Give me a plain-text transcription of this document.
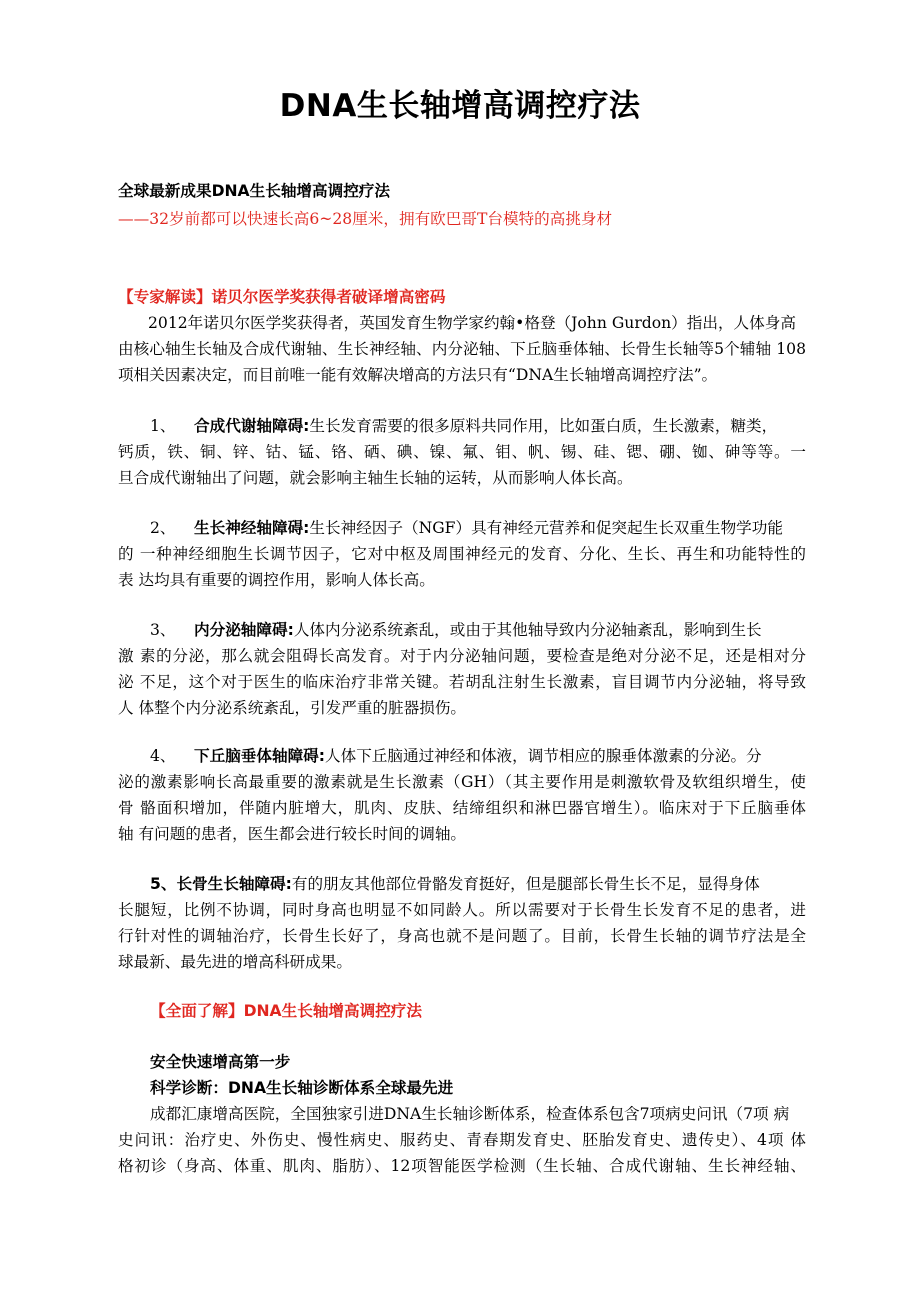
DNA生长轴增高调控疗法
全球最新成果DNA生长轴增高调控疗法
——32岁前都可以快速长高6~28厘米，拥有欧巴哥T台模特的高挑身材
【专家解读】诺贝尔医学奖获得者破译增高密码
2012年诺贝尔医学奖获得者，英国发育生物学家约翰•格登（John Gurdon）指出，人体身高
由核心轴生长轴及合成代谢轴、生长神经轴、内分泌轴、下丘脑垂体轴、长骨生长轴等5个辅轴 108
项相关因素决定，而目前唯一能有效解决增高的方法只有“DNA生长轴增高调控疗法”。
1、 合成代谢轴障碍:生长发育需要的很多原料共同作用，比如蛋白质，生长激素，糖类，
钙质，铁、铜、锌、钴、锰、铬、硒、碘、镍、氟、钼、帆、锡、硅、锶、硼、铷、砷等等。一
旦合成代谢轴出了问题，就会影响主轴生长轴的运转，从而影响人体长高。
2、 生长神经轴障碍:生长神经因子（NGF）具有神经元营养和促突起生长双重生物学功能
的 一种神经细胞生长调节因子，它对中枢及周围神经元的发育、分化、生长、再生和功能特性的
表 达均具有重要的调控作用，影响人体长高。
3、 内分泌轴障碍:人体内分泌系统紊乱，或由于其他轴导致内分泌轴紊乱，影响到生长
激 素的分泌，那么就会阻碍长高发育。对于内分泌轴问题，要检查是绝对分泌不足，还是相对分
泌 不足，这个对于医生的临床治疗非常关键。若胡乱注射生长激素，盲目调节内分泌轴，将导致
人 体整个内分泌系统紊乱，引发严重的脏器损伤。
4、 下丘脑垂体轴障碍:人体下丘脑通过神经和体液，调节相应的腺垂体激素的分泌。分
泌的激素影响长高最重要的激素就是生长激素（GH）（其主要作用是刺激软骨及软组织增生，使
骨 骼面积增加，伴随内脏增大，肌肉、皮肤、结缔组织和淋巴器官增生）。临床对于下丘脑垂体
轴 有问题的患者，医生都会进行较长时间的调轴。
5、长骨生长轴障碍:有的朋友其他部位骨骼发育挺好，但是腿部长骨生长不足，显得身体
长腿短，比例不协调，同时身高也明显不如同龄人。所以需要对于长骨生长发育不足的患者，进
行针对性的调轴治疗，长骨生长好了，身高也就不是问题了。目前，长骨生长轴的调节疗法是全
球最新、最先进的增高科研成果。
【全面了解】DNA生长轴增高调控疗法
安全快速增高第一步
科学诊断：DNA生长轴诊断体系全球最先进
成都汇康增高医院，全国独家引进DNA生长轴诊断体系，检查体系包含7项病史问讯（7项 病
史问讯：治疗史、外伤史、慢性病史、服药史、青春期发育史、胚胎发育史、遗传史）、4项 体
格初诊（身高、体重、肌肉、脂肪）、12项智能医学检测（生长轴、合成代谢轴、生长神经轴、
